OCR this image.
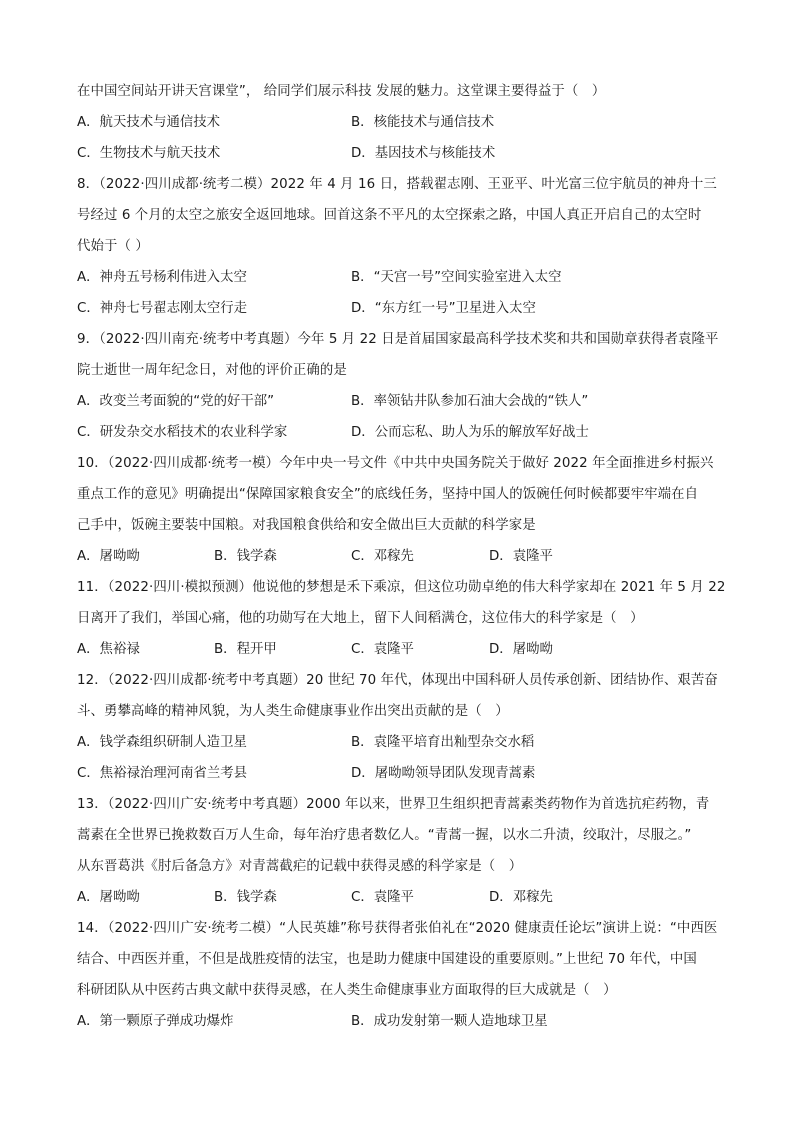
在中国空间站开讲天宫课堂”， 给同学们展示科技 发展的魅力。这堂课主要得益于（　）
A．航天技术与通信技术	B．核能技术与通信技术
C．生物技术与航天技术	D．基因技术与核能技术
8．（2022·四川成都·统考二模）2022 年 4 月 16 日，搭载翟志刚、王亚平、叶光富三位宇航员的神舟十三
号经过 6 个月的太空之旅安全返回地球。回首这条不平凡的太空探索之路，中国人真正开启自己的太空时
代始于（ ）
A．神舟五号杨利伟进入太空	B．“天宫一号”空间实验室进入太空
C．神舟七号翟志刚太空行走	D．“东方红一号”卫星进入太空
9．（2022·四川南充·统考中考真题）今年 5 月 22 日是首届国家最高科学技术奖和共和国勋章获得者袁隆平
院士逝世一周年纪念日，对他的评价正确的是
A．改变兰考面貌的“党的好干部”	B．率领钻井队参加石油大会战的“铁人”
C．研发杂交水稻技术的农业科学家	D．公而忘私、助人为乐的解放军好战士
10．（2022·四川成都·统考一模）今年中央一号文件《中共中央国务院关于做好 2022 年全面推进乡村振兴
重点工作的意见》明确提出“保障国家粮食安全”的底线任务，坚持中国人的饭碗任何时候都要牢牢端在自
己手中，饭碗主要装中国粮。对我国粮食供给和安全做出巨大贡献的科学家是
A．屠呦呦	B．钱学森	C．邓稼先	D．袁隆平
11．（2022·四川·模拟预测）他说他的梦想是禾下乘凉，但这位功勋卓绝的伟大科学家却在 2021 年 5 月 22
日离开了我们，举国心痛，他的功勋写在大地上，留下人间稻满仓，这位伟大的科学家是（　）
A．焦裕禄	B．程开甲	C．袁隆平	D．屠呦呦
12．（2022·四川成都·统考中考真题）20 世纪 70 年代，体现出中国科研人员传承创新、团结协作、艰苦奋
斗、勇攀高峰的精神风貌，为人类生命健康事业作出突出贡献的是（　）
A．钱学森组织研制人造卫星	B．袁隆平培育出籼型杂交水稻
C．焦裕禄治理河南省兰考县	D．屠呦呦领导团队发现青蒿素
13．（2022·四川广安·统考中考真题）2000 年以来，世界卫生组织把青蒿素类药物作为首选抗疟药物，青
蒿素在全世界已挽救数百万人生命，每年治疗患者数亿人。“青蒿一握，以水二升渍，绞取汁，尽服之。”
从东晋葛洪《肘后备急方》对青蒿截疟的记载中获得灵感的科学家是（　）
A．屠呦呦	B．钱学森	C．袁隆平	D．邓稼先
14．（2022·四川广安·统考二模）“人民英雄”称号获得者张伯礼在“2020 健康责任论坛”演讲上说：“中西医
结合、中西医并重，不但是战胜疫情的法宝，也是助力健康中国建设的重要原则。”上世纪 70 年代，中国
科研团队从中医药古典文献中获得灵感，在人类生命健康事业方面取得的巨大成就是（　）
A．第一颗原子弹成功爆炸	B．成功发射第一颗人造地球卫星
